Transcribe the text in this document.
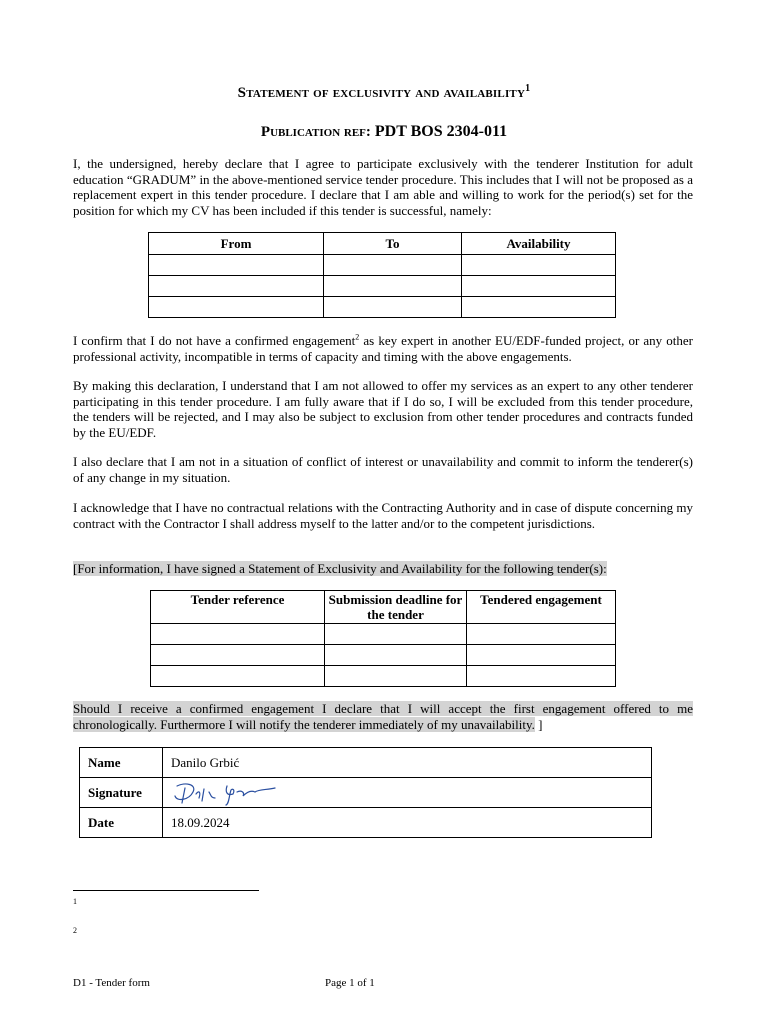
Statement of exclusivity and availability$^1$
Publication ref: PDT BOS 2304-011

I, the undersigned, hereby declare that I agree to participate exclusively with the tenderer Institution for adult education “GRADUM” in the above-mentioned service tender procedure. This includes that I will not be proposed as a replacement expert in this tender procedure. I declare that I am able and willing to work for the period(s) set for the position for which my CV has been included if this tender is successful, namely:

From	To	Availability

I confirm that I do not have a confirmed engagement$^2$ as key expert in another EU/EDF-funded project, or any other professional activity, incompatible in terms of capacity and timing with the above engagements.

By making this declaration, I understand that I am not allowed to offer my services as an expert to any other tenderer participating in this tender procedure. I am fully aware that if I do so, I will be excluded from this tender procedure, the tenders will be rejected, and I may also be subject to exclusion from other tender procedures and contracts funded by the EU/EDF.

I also declare that I am not in a situation of conflict of interest or unavailability and commit to inform the tenderer(s) of any change in my situation.

I acknowledge that I have no contractual relations with the Contracting Authority and in case of dispute concerning my contract with the Contractor I shall address myself to the latter and/or to the competent jurisdictions.

[For information, I have signed a Statement of Exclusivity and Availability for the following tender(s):

Tender reference	Submission deadline for the tender	Tendered engagement

Should I receive a confirmed engagement I declare that I will accept the first engagement offered to me chronologically. Furthermore I will notify the tenderer immediately of my unavailability. ]

Name	Danilo Grbić
Signature	
Date	18.09.2024
1
2
D1 - Tender form	Page 1 of 1
